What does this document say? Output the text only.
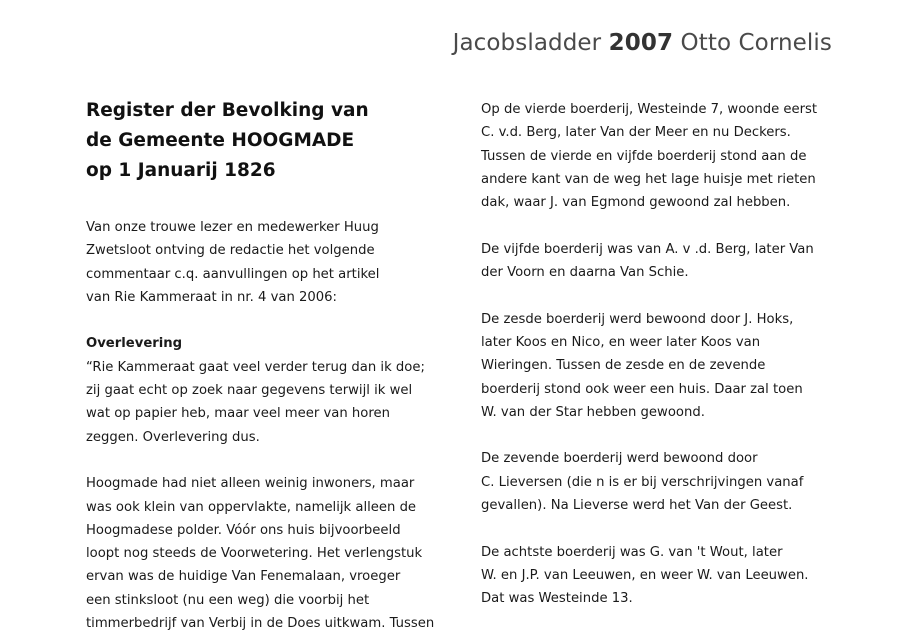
Jacobsladder 2007 Otto Cornelis
Register der Bevolking van
de Gemeente HOOGMADE
op 1 Januarij 1826
Van onze trouwe lezer en medewerker Huug
Zwetsloot ontving de redactie het volgende
commentaar c.q. aanvullingen op het artikel
van Rie Kammeraat in nr. 4 van 2006:
Overlevering
“Rie Kammeraat gaat veel verder terug dan ik doe;
zij gaat echt op zoek naar gegevens terwijl ik wel
wat op papier heb, maar veel meer van horen
zeggen. Overlevering dus.
Hoogmade had niet alleen weinig inwoners, maar
was ook klein van oppervlakte, namelijk alleen de
Hoogmadese polder. Vóór ons huis bijvoorbeeld
loopt nog steeds de Voorwetering. Het verlengstuk
ervan was de huidige Van Fenemalaan, vroeger
een stinksloot (nu een weg) die voorbij het
timmerbedrijf van Verbij in de Does uitkwam. Tussen
Op de vierde boerderij, Westeinde 7, woonde eerst
C. v.d. Berg, later Van der Meer en nu Deckers.
Tussen de vierde en vijfde boerderij stond aan de
andere kant van de weg het lage huisje met rieten
dak, waar J. van Egmond gewoond zal hebben.
De vijfde boerderij was van A. v .d. Berg, later Van
der Voorn en daarna Van Schie.
De zesde boerderij werd bewoond door J. Hoks,
later Koos en Nico, en weer later Koos van
Wieringen. Tussen de zesde en de zevende
boerderij stond ook weer een huis. Daar zal toen
W. van der Star hebben gewoond.
De zevende boerderij werd bewoond door
C. Lieversen (die n is er bij verschrijvingen vanaf
gevallen). Na Lieverse werd het Van der Geest.
De achtste boerderij was G. van 't Wout, later
W. en J.P. van Leeuwen, en weer W. van Leeuwen.
Dat was Westeinde 13.
